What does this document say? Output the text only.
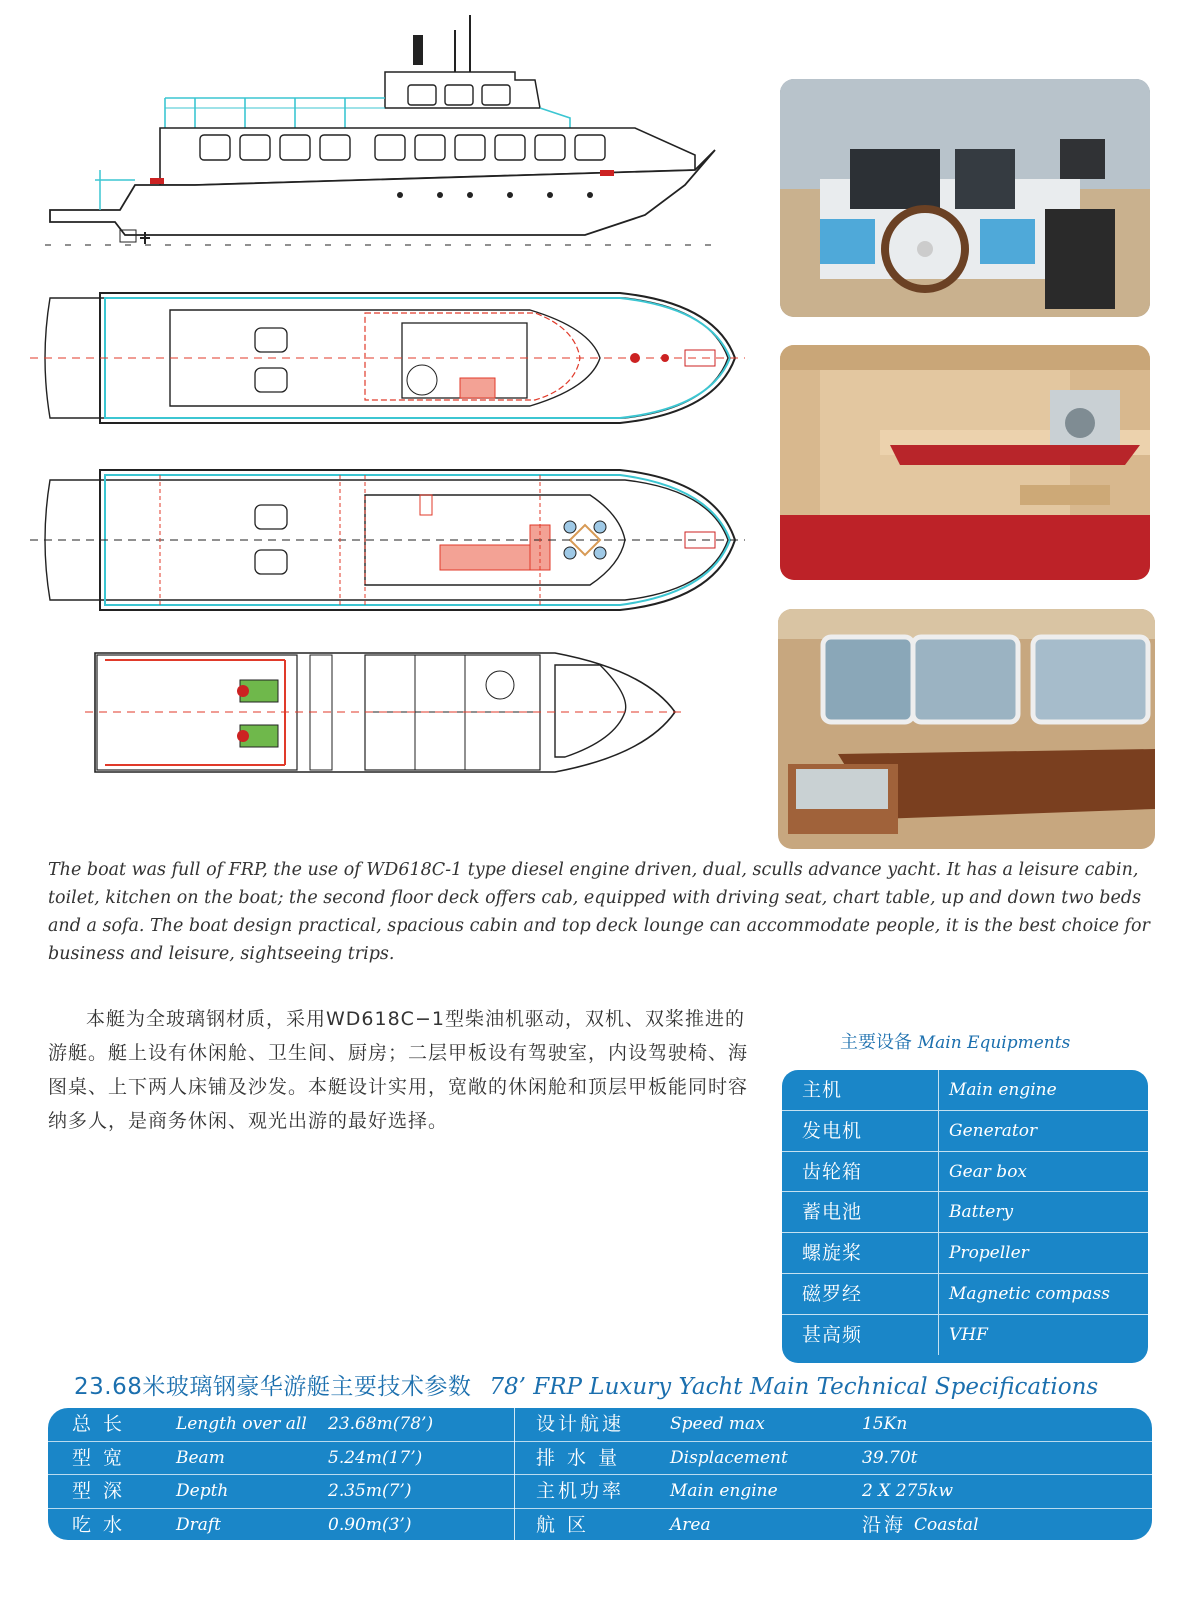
The boat was full of FRP, the use of WD618C-1 type diesel engine driven, dual, sculls advance yacht. It has a leisure cabin, toilet, kitchen on the boat; the second floor deck offers cab, equipped with driving seat, chart table, up and down two beds and a sofa. The boat design practical, spacious cabin and top deck lounge can accommodate people, it is the best choice for business and leisure, sightseeing trips.

本艇为全玻璃钢材质，采用WD618C−1型柴油机驱动，双机、双桨推进的游艇。艇上设有休闲舱、卫生间、厨房；二层甲板设有驾驶室，内设驾驶椅、海图桌、上下两人床铺及沙发。本艇设计实用，宽敞的休闲舱和顶层甲板能同时容纳多人，是商务休闲、观光出游的最好选择。

主要设备 Main Equipments
主机	Main engine
发电机	Generator
齿轮箱	Gear box
蓄电池	Battery
螺旋桨	Propeller
磁罗经	Magnetic compass
甚高频	VHF
23.68米玻璃钢豪华游艇主要技术参数 78’ FRP Luxury Yacht Main Technical Specifications
总 长	Length over all 23.68m(78’)	设计航速	Speed max	15Kn
型 宽	Beam	5.24m(17’)	排 水 量	Displacement	39.70t
型 深	Depth	2.35m(7’)	主机功率	Main engine	2 X 275kw
吃 水	Draft	0.90m(3’)	航 区	Area	沿海 Coastal
